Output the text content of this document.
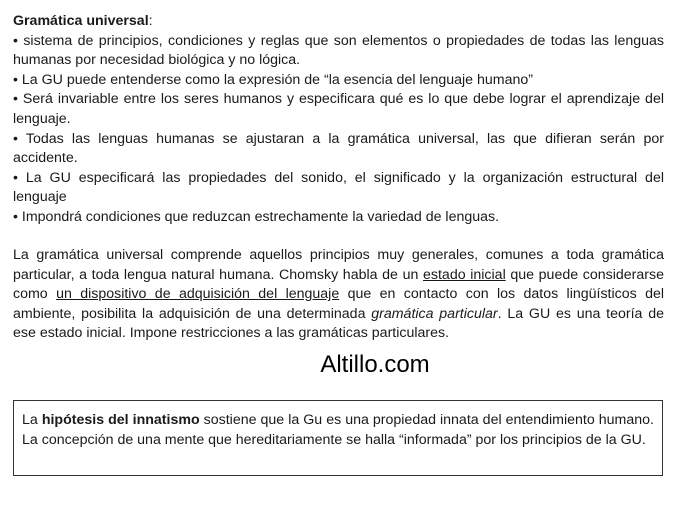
Gramática universal:

• sistema de principios, condiciones y reglas que son elementos o propiedades de todas las lenguas humanas por necesidad biológica y no lógica.
• La GU puede entenderse como la expresión de “la esencia del lenguaje humano”
• Será invariable entre los seres humanos y especificara qué es lo que debe lograr el aprendizaje del lenguaje.
• Todas las lenguas humanas se ajustaran a la gramática universal, las que difieran serán por accidente.
• La GU especificará las propiedades del sonido, el significado y la organización estructural del lenguaje
• Impondrá condiciones que reduzcan estrechamente la variedad de lenguas.

La gramática universal comprende aquellos principios muy generales, comunes a toda gramática particular, a toda lengua natural humana. Chomsky habla de un estado inicial que puede considerarse como un dispositivo de adquisición del lenguaje que en contacto con los datos lingüísticos del ambiente, posibilita la adquisición de una determinada gramática particular. La GU es una teoría de ese estado inicial. Impone restricciones a las gramáticas particulares.

Altillo.com
La hipótesis del innatismo sostiene que la Gu es una propiedad innata del entendimiento humano. La concepción de una mente que hereditariamente se halla “informada” por los principios de la GU.
